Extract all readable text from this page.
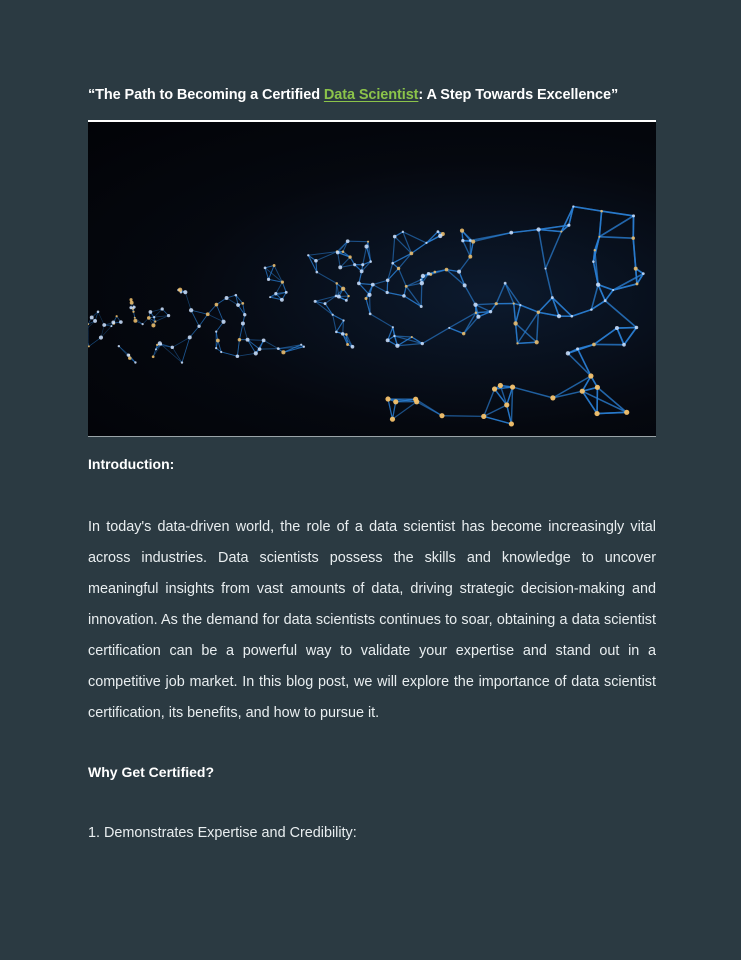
“The Path to Becoming a Certified Data Scientist: A Step Towards Excellence”
Introduction:
In today's data-driven world, the role of a data scientist has become increasingly vital across industries. Data scientists possess the skills and knowledge to uncover meaningful insights from vast amounts of data, driving strategic decision-making and innovation. As the demand for data scientists continues to soar, obtaining a data scientist certification can be a powerful way to validate your expertise and stand out in a competitive job market. In this blog post, we will explore the importance of data scientist certification, its benefits, and how to pursue it.
Why Get Certified?
1. Demonstrates Expertise and Credibility:
